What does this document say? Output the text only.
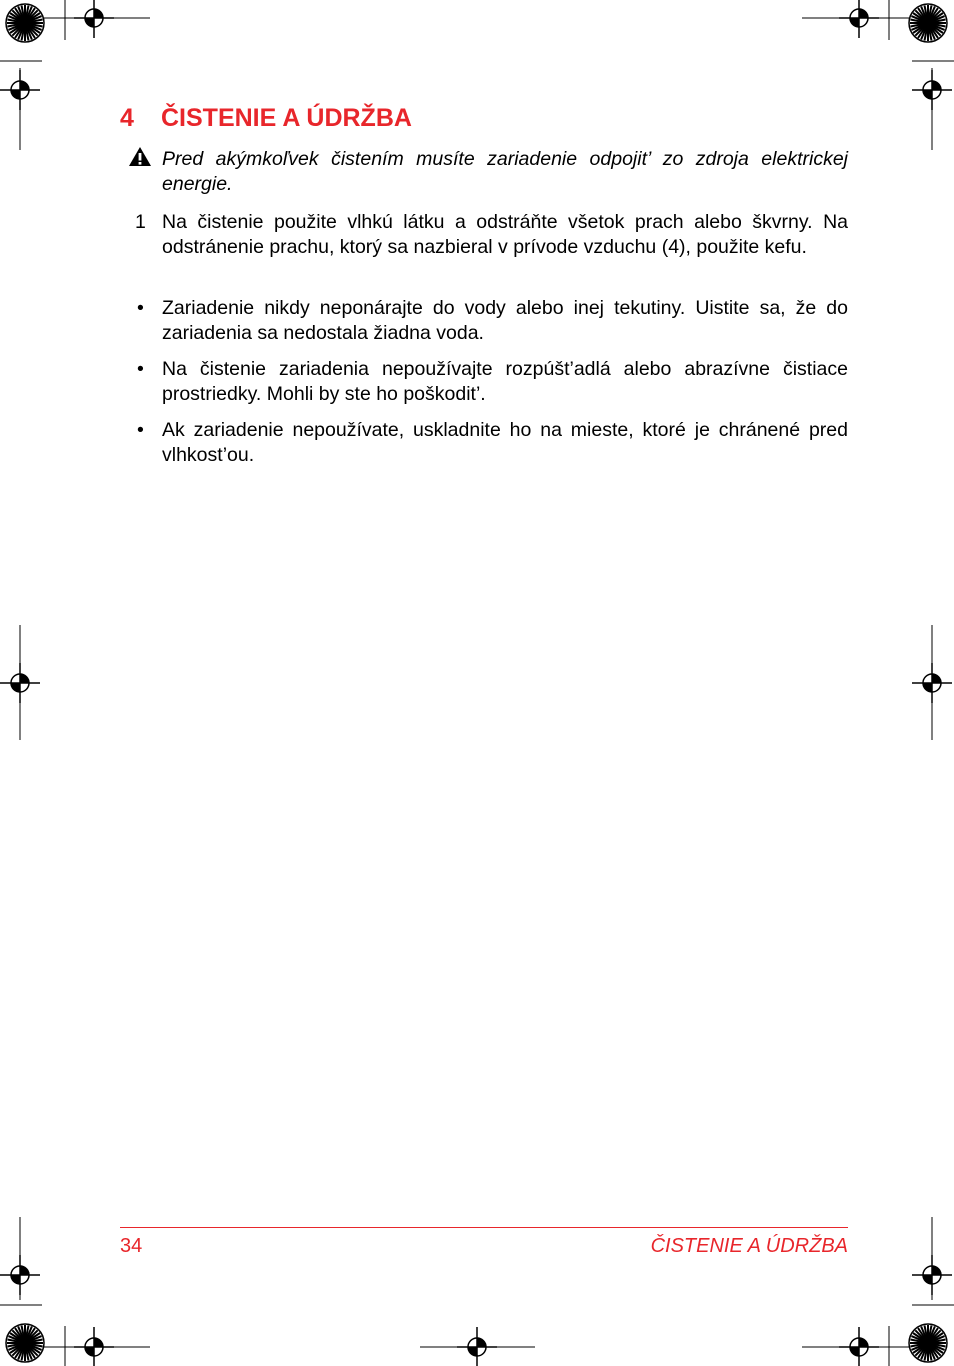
4 ČISTENIE A ÚDRŽBA
Pred akýmkoľvek čistením musíte zariadenie odpojit’ zo zdroja elektrickej energie.
1 Na čistenie použite vlhkú látku a odstráňte všetok prach alebo škvrny. Na odstránenie prachu, ktorý sa nazbieral v prívode vzduchu (4), použite kefu.
• Zariadenie nikdy neponárajte do vody alebo inej tekutiny. Uistite sa, že do zariadenia sa nedostala žiadna voda.
• Na čistenie zariadenia nepoužívajte rozpúšt’adlá alebo abrazívne čistiace prostriedky. Mohli by ste ho poškodit’.
• Ak zariadenie nepoužívate, uskladnite ho na mieste, ktoré je chránené pred vlhkost’ou.
34	ČISTENIE A ÚDRŽBA
